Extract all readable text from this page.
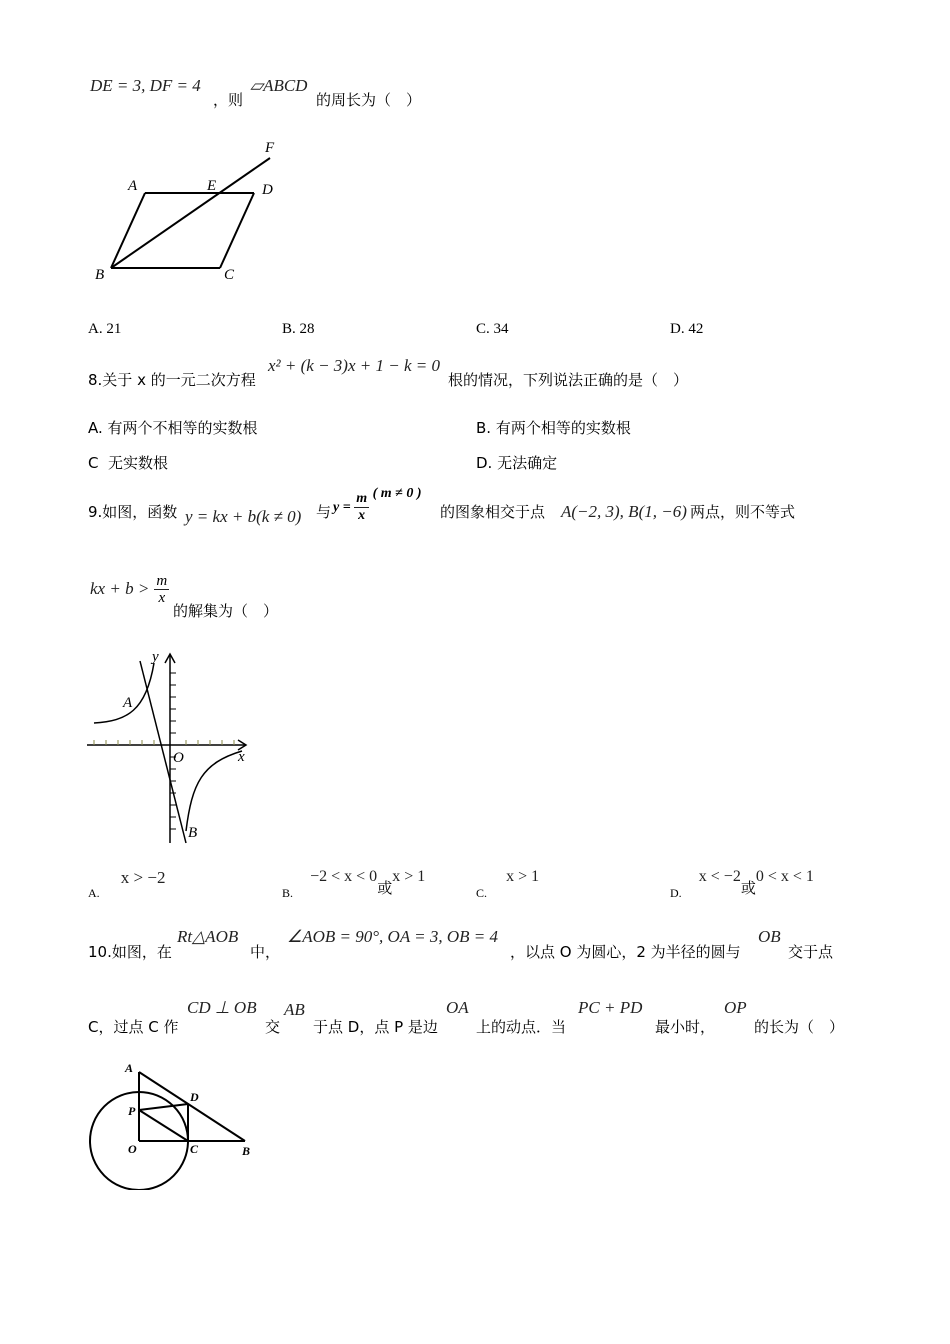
DE = 3, DF = 4
，则
▱ABCD
的周长为（　）
A	E	D
F
B	C
A. 21	B. 28	C. 34	D. 42
8.关于 x 的一元二次方程
x² + (k − 3)x + 1 − k = 0
根的情况，下列说法正确的是（　）
A. 有两个不相等的实数根	B. 有两个相等的实数根
C 无实数根	D. 无法确定
9.如图，函数 y = kx + b(k ≠ 0) 与 $y = \frac{m}{x}$ ( m ≠ 0 )
的图象相交于点 A(−2, 3), B(1, −6) 两点，则不等式
kx + $b > \frac{m}{x}$
的解集为（　）
y
x
O
A
B
$_{A.}$ x > −2
$_{B.}$ −2 < x < 0或x > 1
$_{C.}$ x > 1
$_{D.}$ x < −2或0 < x < 1
10.如图，在
Rt△AOB
中，
∠AOB = 90°, OA = 3, OB = 4
，以点 O 为圆心，2 为半径的圆与
OB
交于点
C，过点 C 作
CD ⊥ OB
交
AB
于点 D，点 P 是边
OA
上的动点．当
PC + PD
最小时，
OP
的长为（　）
A
P
D
O	C	B
